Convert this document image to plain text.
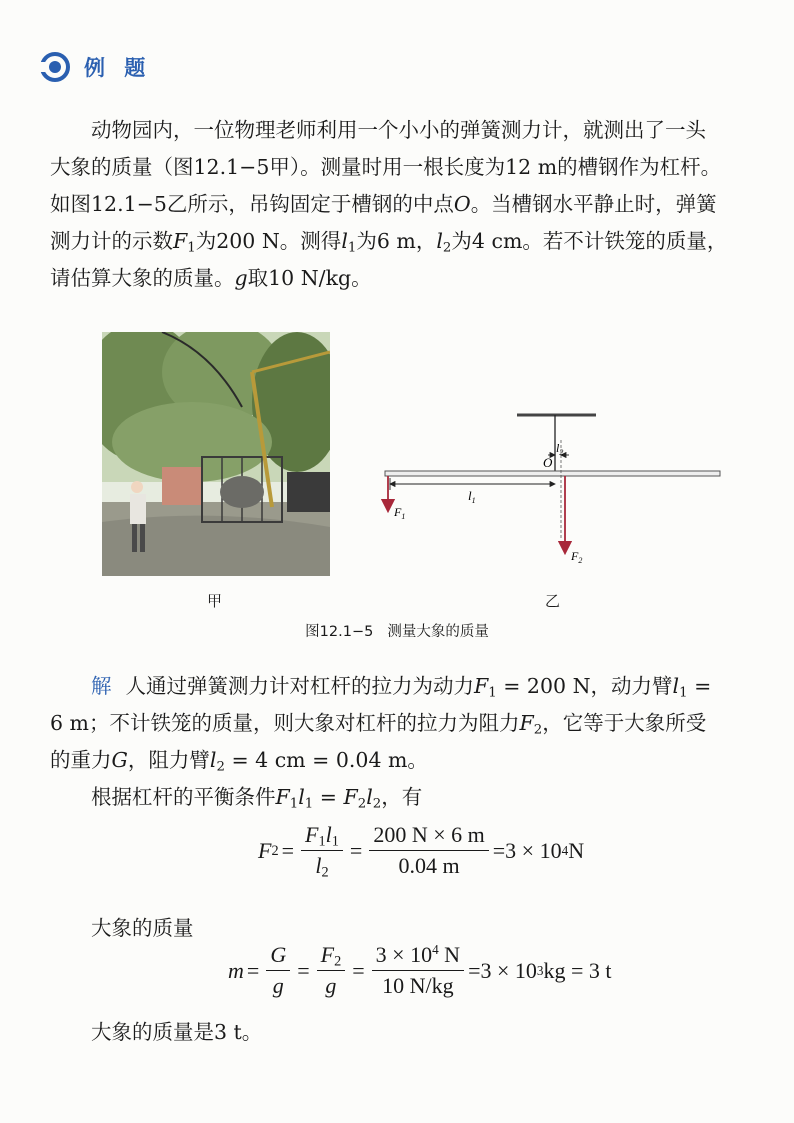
例 题

动物园内，一位物理老师利用一个小小的弹簧测力计，就测出了一头

大象的质量（图12.1−5甲）。测量时用一根长度为12 m的槽钢作为杠杆。

如图12.1−5乙所示，吊钩固定于槽钢的中点O。当槽钢水平静止时，弹簧

测力计的示数$F_1$为200 N。测得$l_1$为6 m，$l_2$为4 cm。若不计铁笼的质量，

请估算大象的质量。g取10 N/kg。

$l_2$
O
$l_1$
$F_1$
$F_2$
甲	乙
图12.1−5 测量大象的质量

解 人通过弹簧测力计对杠杆的拉力为动力$F_1 = 200$ N，动力臂$l_1$ =

6 m；不计铁笼的质量，则大象对杠杆的拉力为阻力$F_2$，它等于大象所受

的重力G，阻力臂$l_2 = 4$ cm = 0.04 m。

根据杠杆的平衡条件$F_1l_1 = F_2l_2$，有

F $2 = \frac{F_1l_1}{l_2} = \frac{200 N \times 6 m}{0.04 m} =3 \times 10$ 4 N

大象的质量

$m = \frac{G}{g} = \frac{F_2}{g} = \frac{3 \times 10^4 N}{10 N/kg} =3 \times 10$ 3 kg = 3 t

大象的质量是3 t。
